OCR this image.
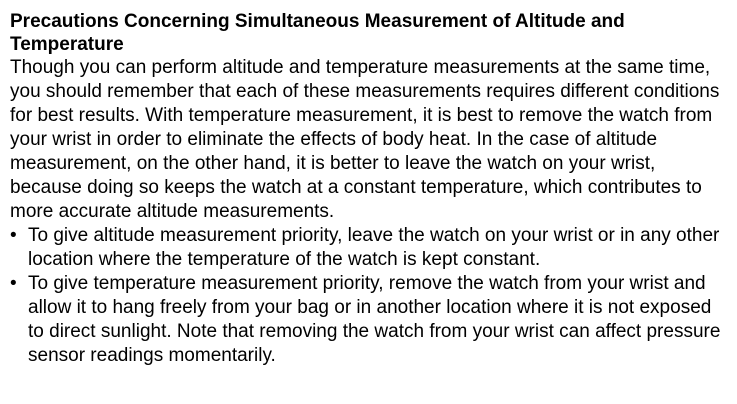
Precautions Concerning Simultaneous Measurement of Altitude and Temperature

Though you can perform altitude and temperature measurements at the same time, you should remember that each of these measurements requires different conditions for best results. With temperature measurement, it is best to remove the watch from your wrist in order to eliminate the effects of body heat. In the case of altitude measurement, on the other hand, it is better to leave the watch on your wrist, because doing so keeps the watch at a constant temperature, which contributes to more accurate altitude measurements.

• To give altitude measurement priority, leave the watch on your wrist or in any other location where the temperature of the watch is kept constant.
• To give temperature measurement priority, remove the watch from your wrist and allow it to hang freely from your bag or in another location where it is not exposed to direct sunlight. Note that removing the watch from your wrist can affect pressure sensor readings momentarily.
